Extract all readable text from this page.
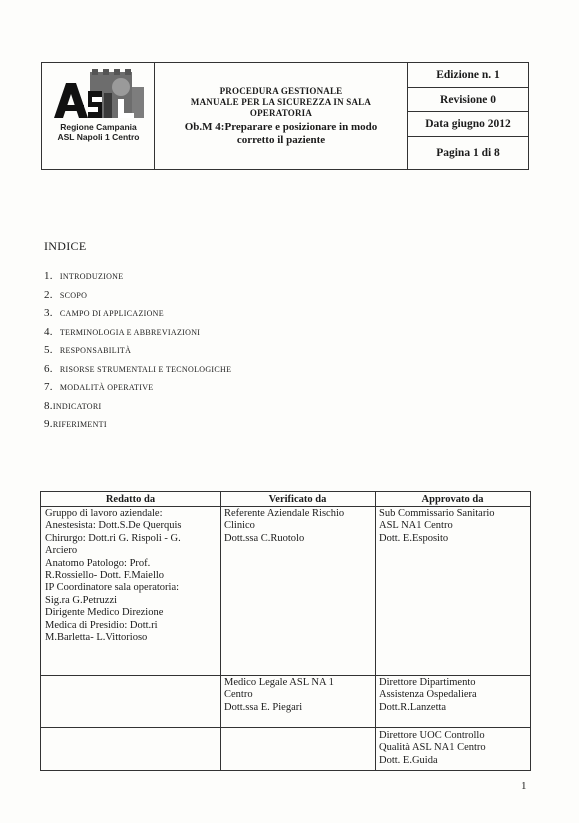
Regione Campania
ASL Napoli 1 Centro
PROCEDURA GESTIONALE
MANUALE PER LA SICUREZZA IN SALA
OPERATORIA
Ob.M 4:Preparare e posizionare in modo
corretto il paziente
Edizione n. 1
Revisione 0
Data giugno 2012
Pagina 1 di 8
INDICE
1. INTRODUZIONE
2. SCOPO
3. CAMPO DI APPLICAZIONE
4. TERMINOLOGIA E ABBREVIAZIONI
5. RESPONSABILITÀ
6. RISORSE STRUMENTALI E TECNOLOGICHE
7. MODALITÀ OPERATIVE
8. INDICATORI
9. RIFERIMENTI
Redatto da	Verificato da	Approvato da
Gruppo di lavoro aziendale:
Anestesista: Dott.S.De Querquis
Chirurgo: Dott.ri G. Rispoli - G.
Arciero
Anatomo Patologo: Prof.
R.Rossiello- Dott. F.Maiello
IP Coordinatore sala operatoria:
Sig.ra G.Petruzzi
Dirigente Medico Direzione
Medica di Presidio: Dott.ri
M.Barletta- L.Vittorioso
Referente Aziendale Rischio
Clinico
Dott.ssa C.Ruotolo
Sub Commissario Sanitario
ASL NA1 Centro
Dott. E.Esposito
Medico Legale ASL NA 1
Centro
Dott.ssa E. Piegari
Direttore Dipartimento
Assistenza Ospedaliera
Dott.R.Lanzetta
Direttore UOC Controllo
Qualità ASL NA1 Centro
Dott. E.Guida
1
